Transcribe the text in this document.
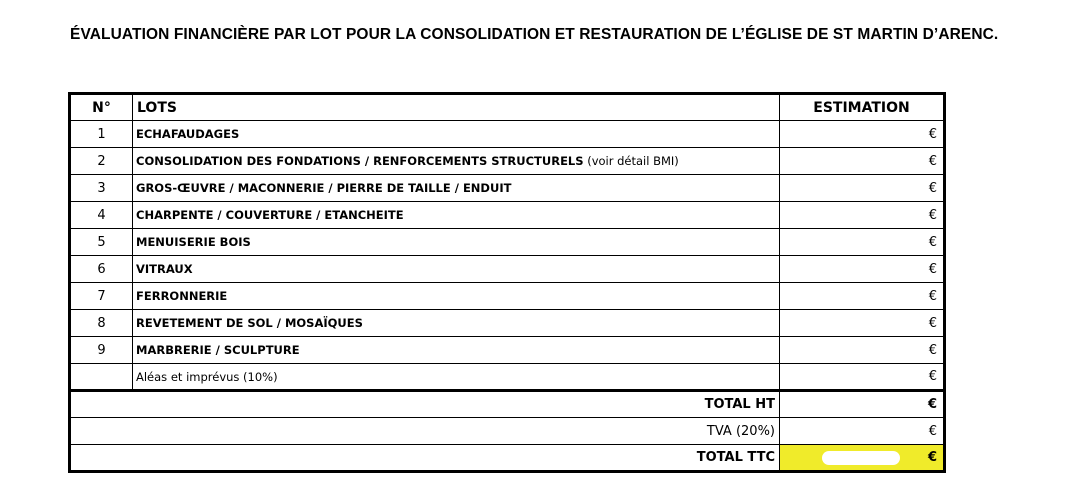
ÉVALUATION FINANCIÈRE PAR LOT POUR LA CONSOLIDATION ET RESTAURATION DE L’ÉGLISE DE ST MARTIN D’ARENC.
N°	LOTS	ESTIMATION
1	ECHAFAUDAGES	€
2	CONSOLIDATION DES FONDATIONS / RENFORCEMENTS STRUCTURELS (voir détail BMI)	€
3	GROS-ŒUVRE / MACONNERIE / PIERRE DE TAILLE / ENDUIT	€
4	CHARPENTE / COUVERTURE / ETANCHEITE	€
5	MENUISERIE BOIS	€
6	VITRAUX	€
7	FERRONNERIE	€
8	REVETEMENT DE SOL / MOSAÏQUES	€
9	MARBRERIE / SCULPTURE	€
	Aléas et imprévus (10%)	€
TOTAL HT		€
TVA (20%)		€
TOTAL TTC		€
